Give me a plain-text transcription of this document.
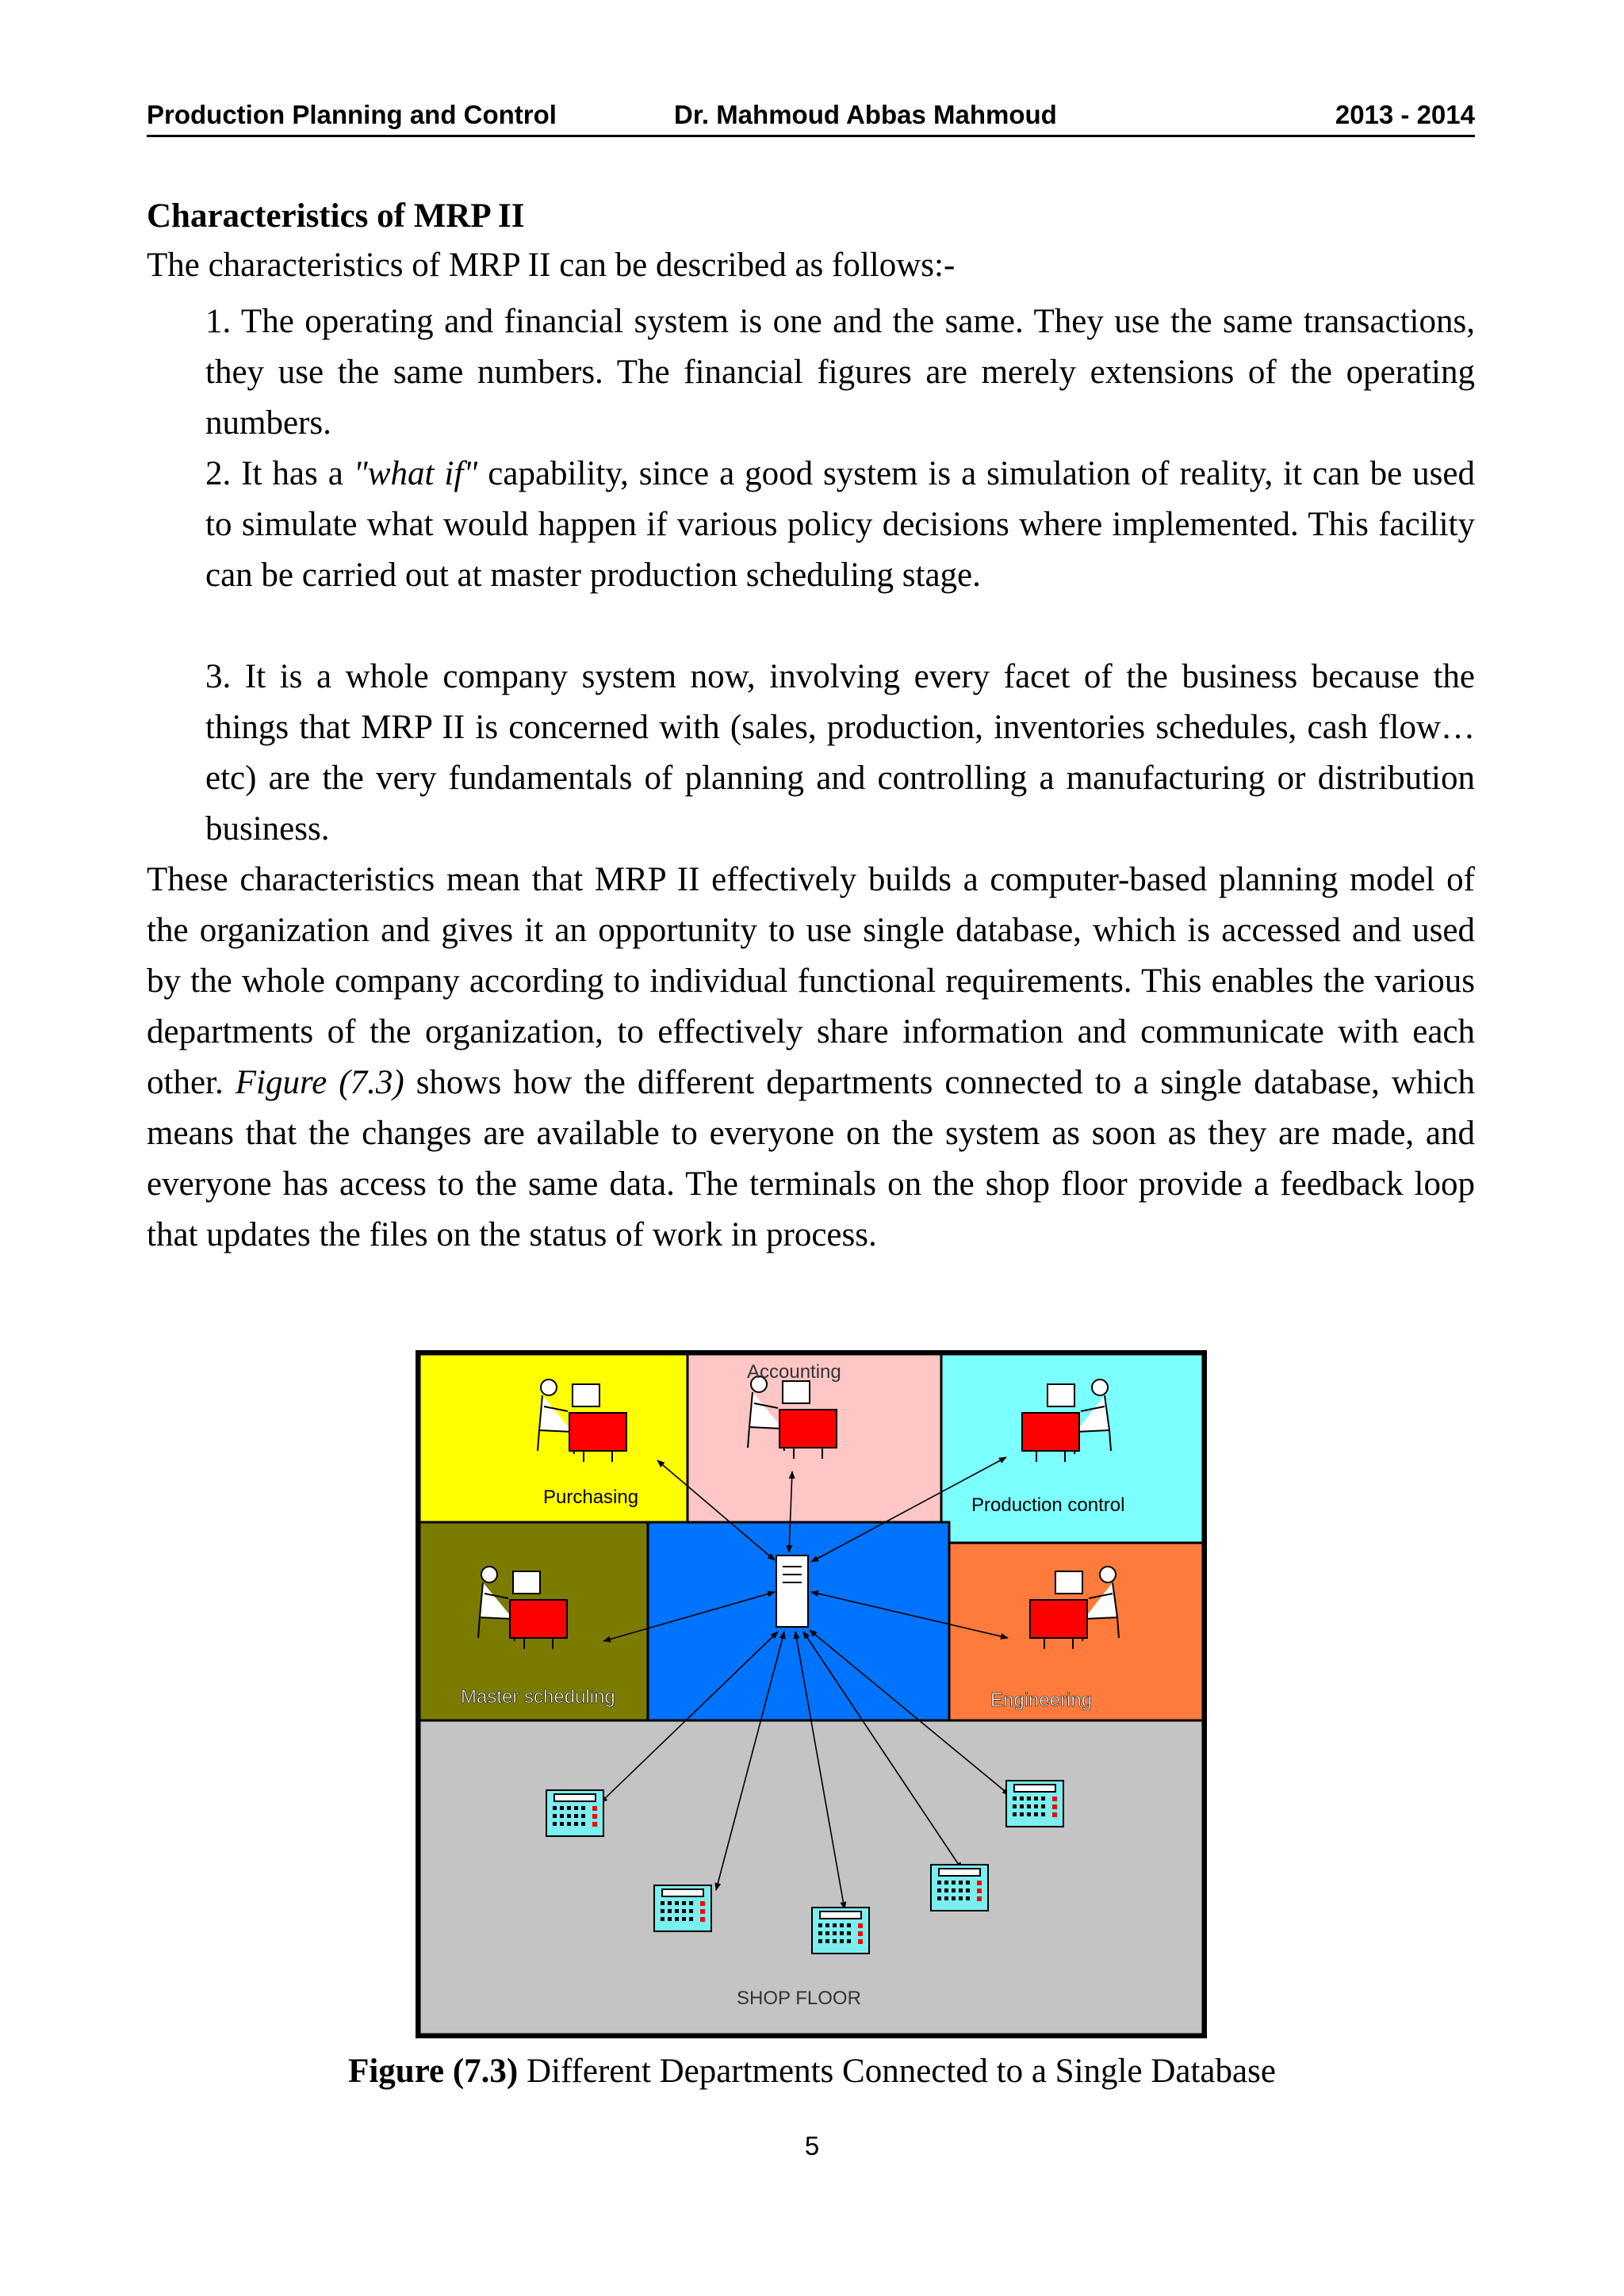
Production Planning and Control	Dr. Mahmoud Abbas Mahmoud	2013 - 2014
Characteristics of MRP II

The characteristics of MRP II can be described as follows:-

1. The operating and financial system is one and the same. They use the same transactions, they use the same numbers. The financial figures are merely extensions of the operating numbers.

2. It has a "what if" capability, since a good system is a simulation of reality, it can be used to simulate what would happen if various policy decisions where implemented. This facility can be carried out at master production scheduling stage.

3. It is a whole company system now, involving every facet of the business because the things that MRP II is concerned with (sales, production, inventories schedules, cash flow…etc) are the very fundamentals of planning and controlling a manufacturing or distribution business.

These characteristics mean that MRP II effectively builds a computer-based planning model of the organization and gives it an opportunity to use single database, which is accessed and used by the whole company according to individual functional requirements. This enables the various departments of the organization, to effectively share information and communicate with each other. Figure (7.3) shows how the different departments connected to a single database, which means that the changes are available to everyone on the system as soon as they are made, and everyone has access to the same data. The terminals on the shop floor provide a feedback loop that updates the files on the status of work in process.

Purchasing
Accounting
Production control
Master scheduling	Engineering
SHOP FLOOR

Figure (7.3) Different Departments Connected to a Single Database

5
